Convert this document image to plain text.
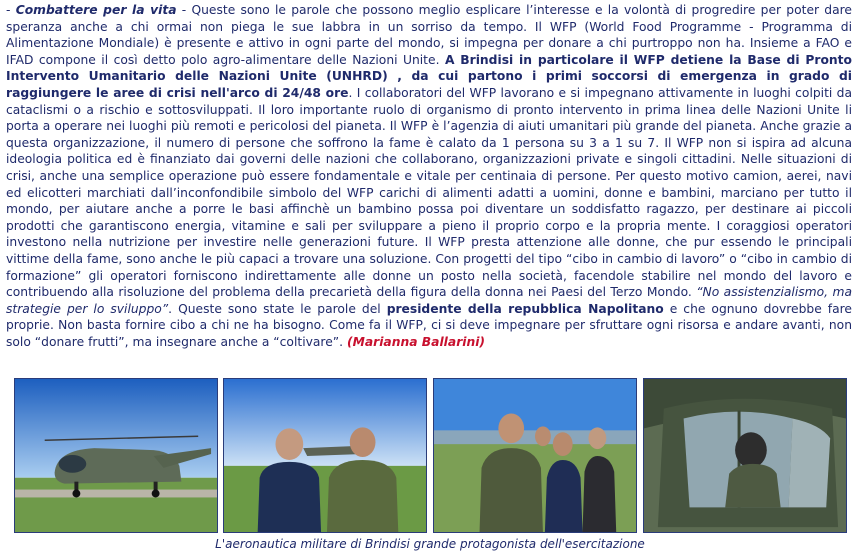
- Combattere per la vita - Queste sono le parole che possono meglio esplicare l’interesse e la volontà di progredire per poter dare speranza anche a chi ormai non piega le sue labbra in un sorriso da tempo. Il WFP (World Food Programme - Programma di Alimentazione Mondiale) è presente e attivo in ogni parte del mondo, si impegna per donare a chi purtroppo non ha. Insieme a FAO e IFAD compone il così detto polo agro-alimentare delle Nazioni Unite. A Brindisi in particolare il WFP detiene la Base di Pronto Intervento Umanitario delle Nazioni Unite (UNHRD) , da cui partono i primi soccorsi di emergenza in grado di raggiungere le aree di crisi nell'arco di 24/48 ore. I collaboratori del WFP lavorano e si impegnano attivamente in luoghi colpiti da cataclismi o a rischio e sottosviluppati. Il loro importante ruolo di organismo di pronto intervento in prima linea delle Nazioni Unite li porta a operare nei luoghi più remoti e pericolosi del pianeta. Il WFP è l’agenzia di aiuti umanitari più grande del pianeta. Anche grazie a questa organizzazione, il numero di persone che soffrono la fame è calato da 1 persona su 3 a 1 su 7. Il WFP non si ispira ad alcuna ideologia politica ed è finanziato dai governi delle nazioni che collaborano, organizzazioni private e singoli cittadini. Nelle situazioni di crisi, anche una semplice operazione può essere fondamentale e vitale per centinaia di persone. Per questo motivo camion, aerei, navi ed elicotteri marchiati dall’inconfondibile simbolo del WFP carichi di alimenti adatti a uomini, donne e bambini, marciano per tutto il mondo, per aiutare anche a porre le basi affinchè un bambino possa poi diventare un soddisfatto ragazzo, per destinare ai piccoli prodotti che garantiscono energia, vitamine e sali per sviluppare a pieno il proprio corpo e la propria mente. I coraggiosi operatori investono nella nutrizione per investire nelle generazioni future. Il WFP presta attenzione alle donne, che pur essendo le principali vittime della fame, sono anche le più capaci a trovare una soluzione. Con progetti del tipo “cibo in cambio di lavoro” o “cibo in cambio di formazione” gli operatori forniscono indirettamente alle donne un posto nella società, facendole stabilire nel mondo del lavoro e contribuendo alla risoluzione del problema della precarietà della figura della donna nei Paesi del Terzo Mondo. “No assistenzialismo, ma strategie per lo sviluppo”. Queste sono state le parole del presidente della repubblica Napolitano e che ognuno dovrebbe fare proprie. Non basta fornire cibo a chi ne ha bisogno. Come fa il WFP, ci si deve impegnare per sfruttare ogni risorsa e andare avanti, non solo “donare frutti”, ma insegnare anche a “coltivare”. (Marianna Ballarini)
L'aeronautica militare di Brindisi grande protagonista dell'esercitazione
